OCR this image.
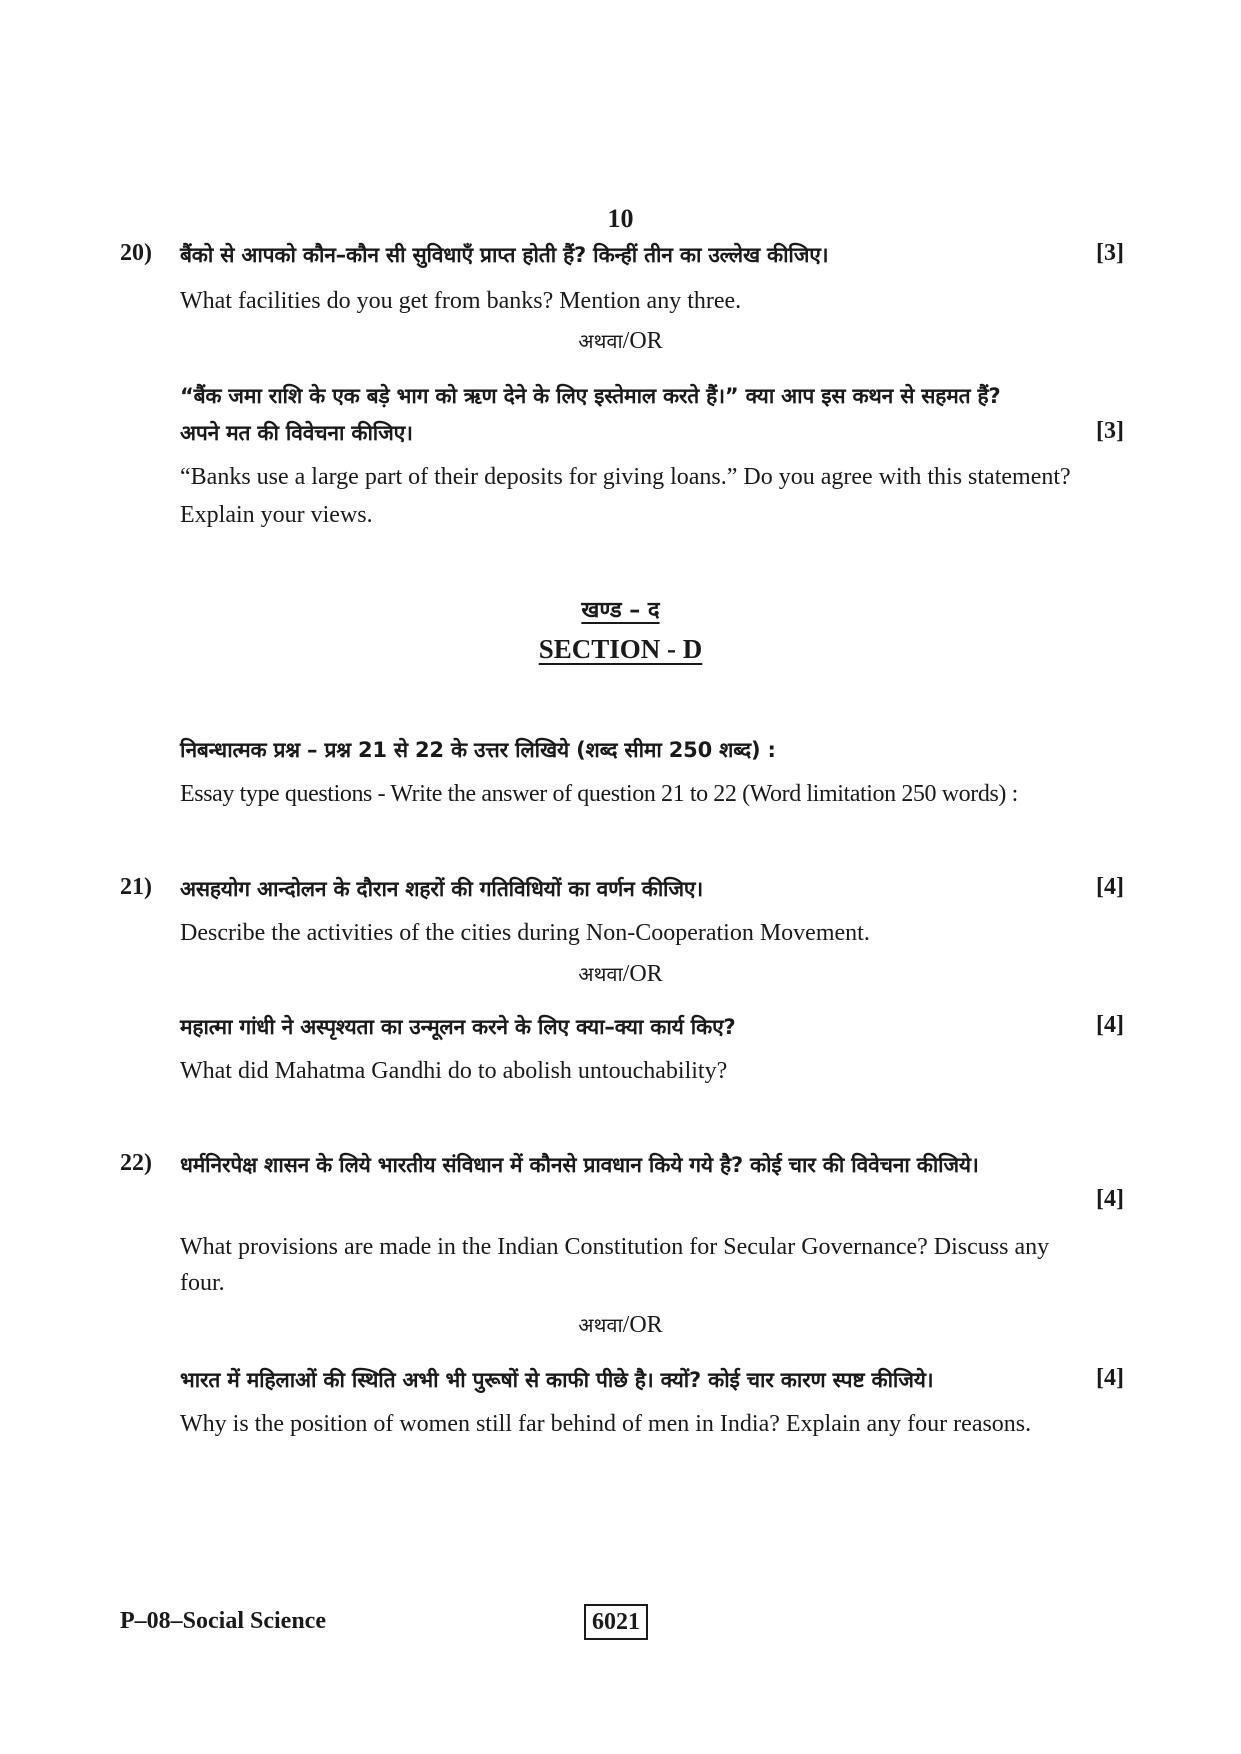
10
20) बैंको से आपको कौन–कौन सी सुविधाएँ प्राप्त होती हैं? किन्हीं तीन का उल्लेख कीजिए।	[3]
What facilities do you get from banks? Mention any three.
अथवा/OR
“बैंक जमा राशि के एक बड़े भाग को ऋण देने के लिए इस्तेमाल करते हैं।” क्या आप इस कथन से सहमत हैं?
अपने मत की विवेचना कीजिए।	[3]
“Banks use a large part of their deposits for giving loans.” Do you agree with this statement?
Explain your views.
खण्ड – द
SECTION - D
निबन्धात्मक प्रश्न – प्रश्न 21 से 22 के उत्तर लिखिये (शब्द सीमा 250 शब्द) :
Essay type questions - Write the answer of question 21 to 22 (Word limitation 250 words) :
21) असहयोग आन्दोलन के दौरान शहरों की गतिविधियों का वर्णन कीजिए।	[4]
Describe the activities of the cities during Non-Cooperation Movement.
अथवा/OR
महात्मा गांधी ने अस्पृश्यता का उन्मूलन करने के लिए क्या–क्या कार्य किए?	[4]
What did Mahatma Gandhi do to abolish untouchability?
22) धर्मनिरपेक्ष शासन के लिये भारतीय संविधान में कौनसे प्रावधान किये गये है? कोई चार की विवेचना कीजिये।
[4]
What provisions are made in the Indian Constitution for Secular Governance? Discuss any
four.
अथवा/OR
भारत में महिलाओं की स्थिति अभी भी पुरूषों से काफी पीछे है। क्यों? कोई चार कारण स्पष्ट कीजिये।	[4]
Why is the position of women still far behind of men in India? Explain any four reasons.
P–08–Social Science	6021
